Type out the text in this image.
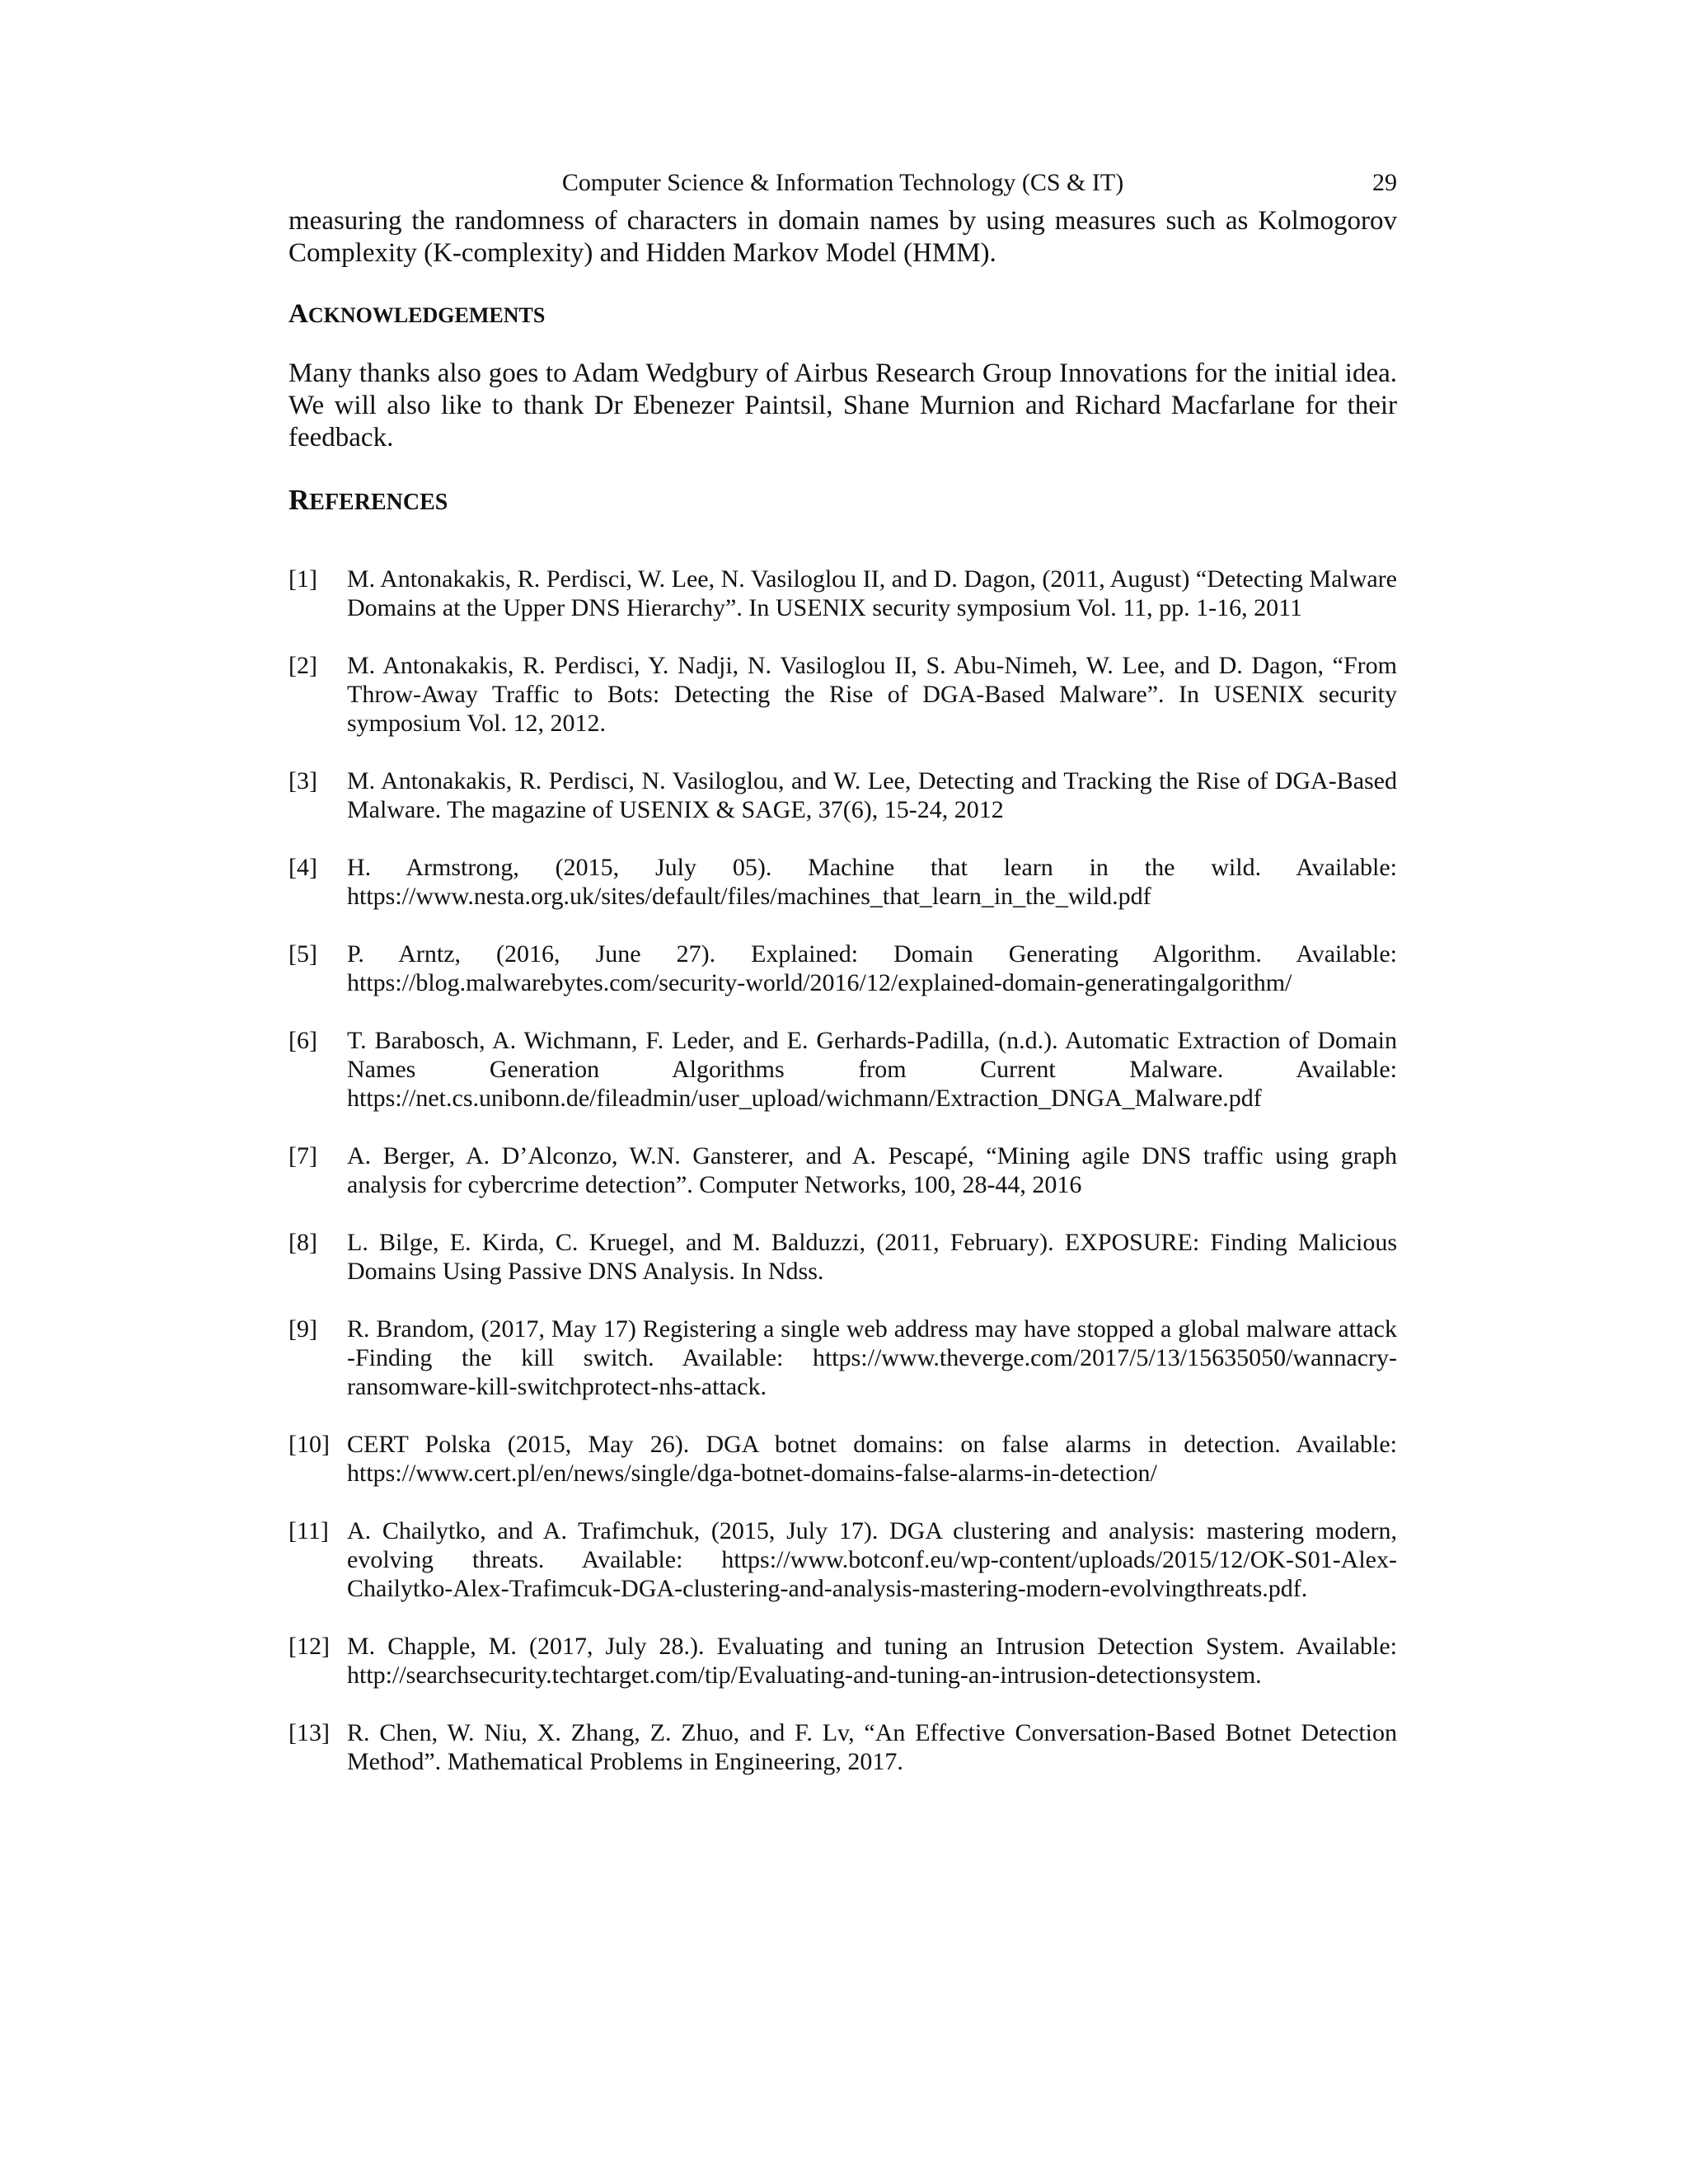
Computer Science & Information Technology (CS & IT)	29

measuring the randomness of characters in domain names by using measures such as Kolmogorov Complexity (K-complexity) and Hidden Markov Model (HMM).

ACKNOWLEDGEMENTS

Many thanks also goes to Adam Wedgbury of Airbus Research Group Innovations for the initial idea. We will also like to thank Dr Ebenezer Paintsil, Shane Murnion and Richard Macfarlane for their feedback.

REFERENCES
[1] M. Antonakakis, R. Perdisci, W. Lee, N. Vasiloglou II, and D. Dagon, (2011, August) “Detecting Malware Domains at the Upper DNS Hierarchy”. In USENIX security symposium Vol. 11, pp. 1-16, 2011
[2] M. Antonakakis, R. Perdisci, Y. Nadji, N. Vasiloglou II, S. Abu-Nimeh, W. Lee, and D. Dagon, “From Throw-Away Traffic to Bots: Detecting the Rise of DGA-Based Malware”. In USENIX security symposium Vol. 12, 2012.
[3] M. Antonakakis, R. Perdisci, N. Vasiloglou, and W. Lee, Detecting and Tracking the Rise of DGA-Based Malware. The magazine of USENIX & SAGE, 37(6), 15-24, 2012
[4] H. Armstrong, (2015, July 05). Machine that learn in the wild. Available: https://www.nesta.org.uk/sites/default/files/machines_that_learn_in_the_wild.pdf
[5] P. Arntz, (2016, June 27). Explained: Domain Generating Algorithm. Available: https://blog.malwarebytes.com/security-world/2016/12/explained-domain-generatingalgorithm/
[6] T. Barabosch, A. Wichmann, F. Leder, and E. Gerhards-Padilla, (n.d.). Automatic Extraction of Domain Names Generation Algorithms from Current Malware. Available: https://net.cs.unibonn.de/fileadmin/user_upload/wichmann/Extraction_DNGA_Malware.pdf
[7] A. Berger, A. D’Alconzo, W.N. Gansterer, and A. Pescapé, “Mining agile DNS traffic using graph analysis for cybercrime detection”. Computer Networks, 100, 28-44, 2016
[8] L. Bilge, E. Kirda, C. Kruegel, and M. Balduzzi, (2011, February). EXPOSURE: Finding Malicious Domains Using Passive DNS Analysis. In Ndss.
[9] R. Brandom, (2017, May 17) Registering a single web address may have stopped a global malware attack -Finding the kill switch. Available: https://www.theverge.com/2017/5/13/15635050/wannacry-ransomware-kill-switchprotect-nhs-attack.
[10] CERT Polska (2015, May 26). DGA botnet domains: on false alarms in detection. Available: https://www.cert.pl/en/news/single/dga-botnet-domains-false-alarms-in-detection/
[11] A. Chailytko, and A. Trafimchuk, (2015, July 17). DGA clustering and analysis: mastering modern, evolving threats. Available: https://www.botconf.eu/wp-content/uploads/2015/12/OK-S01-Alex-Chailytko-Alex-Trafimcuk-DGA-clustering-and-analysis-mastering-modern-evolvingthreats.pdf.
[12] M. Chapple, M. (2017, July 28.). Evaluating and tuning an Intrusion Detection System. Available: http://searchsecurity.techtarget.com/tip/Evaluating-and-tuning-an-intrusion-detectionsystem.
[13] R. Chen, W. Niu, X. Zhang, Z. Zhuo, and F. Lv, “An Effective Conversation-Based Botnet Detection Method”. Mathematical Problems in Engineering, 2017.
